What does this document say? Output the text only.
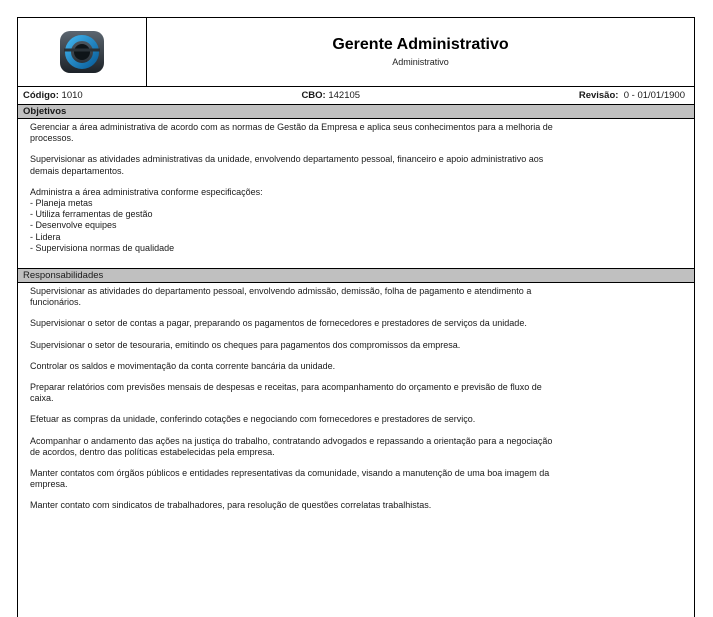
Gerente Administrativo
Administrativo
Código: 1010	CBO: 142105	Revisão: 0 - 01/01/1900
Objetivos
Gerenciar a área administrativa de acordo com as normas de Gestão da Empresa e aplica seus conhecimentos para a melhoria de
processos.
Supervisionar as atividades administrativas da unidade, envolvendo departamento pessoal, financeiro e apoio administrativo aos
demais departamentos.
Administra a área administrativa conforme especificações:
- Planeja metas
- Utiliza ferramentas de gestão
- Desenvolve equipes
- Lidera
- Supervisiona normas de qualidade
Responsabilidades
Supervisionar as atividades do departamento pessoal, envolvendo admissão, demissão, folha de pagamento e atendimento a
funcionários.
Supervisionar o setor de contas a pagar, preparando os pagamentos de fornecedores e prestadores de serviços da unidade.
Supervisionar o setor de tesouraria, emitindo os cheques para pagamentos dos compromissos da empresa.
Controlar os saldos e movimentação da conta corrente bancária da unidade.
Preparar relatórios com previsões mensais de despesas e receitas, para acompanhamento do orçamento e previsão de fluxo de
caixa.
Efetuar as compras da unidade, conferindo cotações e negociando com fornecedores e prestadores de serviço.
Acompanhar o andamento das ações na justiça do trabalho, contratando advogados e repassando a orientação para a negociação
de acordos, dentro das políticas estabelecidas pela empresa.
Manter contatos com órgãos públicos e entidades representativas da comunidade, visando a manutenção de uma boa imagem da
empresa.
Manter contato com sindicatos de trabalhadores, para resolução de questões correlatas trabalhistas.
